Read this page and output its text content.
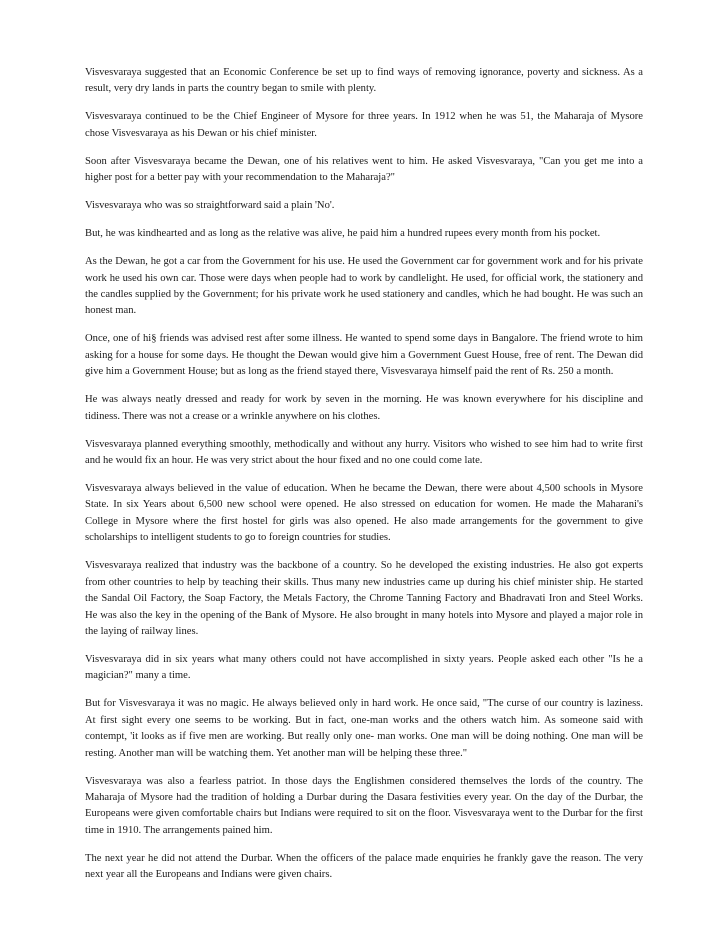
Visvesvaraya suggested that an Economic Conference be set up to find ways of removing ignorance, poverty and sickness. As a result, very dry lands in parts the country began to smile with plenty.

Visvesvaraya continued to be the Chief Engineer of Mysore for three years. In 1912 when he was 51, the Maharaja of Mysore chose Visvesvaraya as his Dewan or his chief minister.

Soon after Visvesvaraya became the Dewan, one of his relatives went to him. He asked Visvesvaraya, "Can you get me into a higher post for a better pay with your recommendation to the Maharaja?"

Visvesvaraya who was so straightforward said a plain 'No'.

But, he was kindhearted and as long as the relative was alive, he paid him a hundred rupees every month from his pocket.

As the Dewan, he got a car from the Government for his use. He used the Government car for government work and for his private work he used his own car. Those were days when people had to work by candlelight. He used, for official work, the stationery and the candles supplied by the Government; for his private work he used stationery and candles, which he had bought. He was such an honest man.

Once, one of hi§ friends was advised rest after some illness. He wanted to spend some days in Bangalore. The friend wrote to him asking for a house for some days. He thought the Dewan would give him a Government Guest House, free of rent. The Dewan did give him a Government House; but as long as the friend stayed there, Visvesvaraya himself paid the rent of Rs. 250 a month.

He was always neatly dressed and ready for work by seven in the morning. He was known everywhere for his discipline and tidiness. There was not a crease or a wrinkle anywhere on his clothes.

Visvesvaraya planned everything smoothly, methodically and without any hurry. Visitors who wished to see him had to write first and he would fix an hour. He was very strict about the hour fixed and no one could come late.

Visvesvaraya always believed in the value of education. When he became the Dewan, there were about 4,500 schools in Mysore State. In six Years about 6,500 new school were opened. He also stressed on education for women. He made the Maharani's College in Mysore where the first hostel for girls was also opened. He also made arrangements for the government to give scholarships to intelligent students to go to foreign countries for studies.

Visvesvaraya realized that industry was the backbone of a country. So he developed the existing industries. He also got experts from other countries to help by teaching their skills. Thus many new industries came up during his chief minister ship. He started the Sandal Oil Factory, the Soap Factory, the Metals Factory, the Chrome Tanning Factory and Bhadravati Iron and Steel Works. He was also the key in the opening of the Bank of Mysore. He also brought in many hotels into Mysore and played a major role in the laying of railway lines.

Visvesvaraya did in six years what many others could not have accomplished in sixty years. People asked each other "Is he a magician?" many a time.

But for Visvesvaraya it was no magic. He always believed only in hard work. He once said, "The curse of our country is laziness. At first sight every one seems to be working. But in fact, one-man works and the others watch him. As someone said with contempt, 'it looks as if five men are working. But really only one- man works. One man will be doing nothing. One man will be resting. Another man will be watching them. Yet another man will be helping these three."

Visvesvaraya was also a fearless patriot. In those days the Englishmen considered themselves the lords of the country. The Maharaja of Mysore had the tradition of holding a Durbar during the Dasara festivities every year. On the day of the Durbar, the Europeans were given comfortable chairs but Indians were required to sit on the floor. Visvesvaraya went to the Durbar for the first time in 1910. The arrangements pained him.

The next year he did not attend the Durbar. When the officers of the palace made enquiries he frankly gave the reason. The very next year all the Europeans and Indians were given chairs.
